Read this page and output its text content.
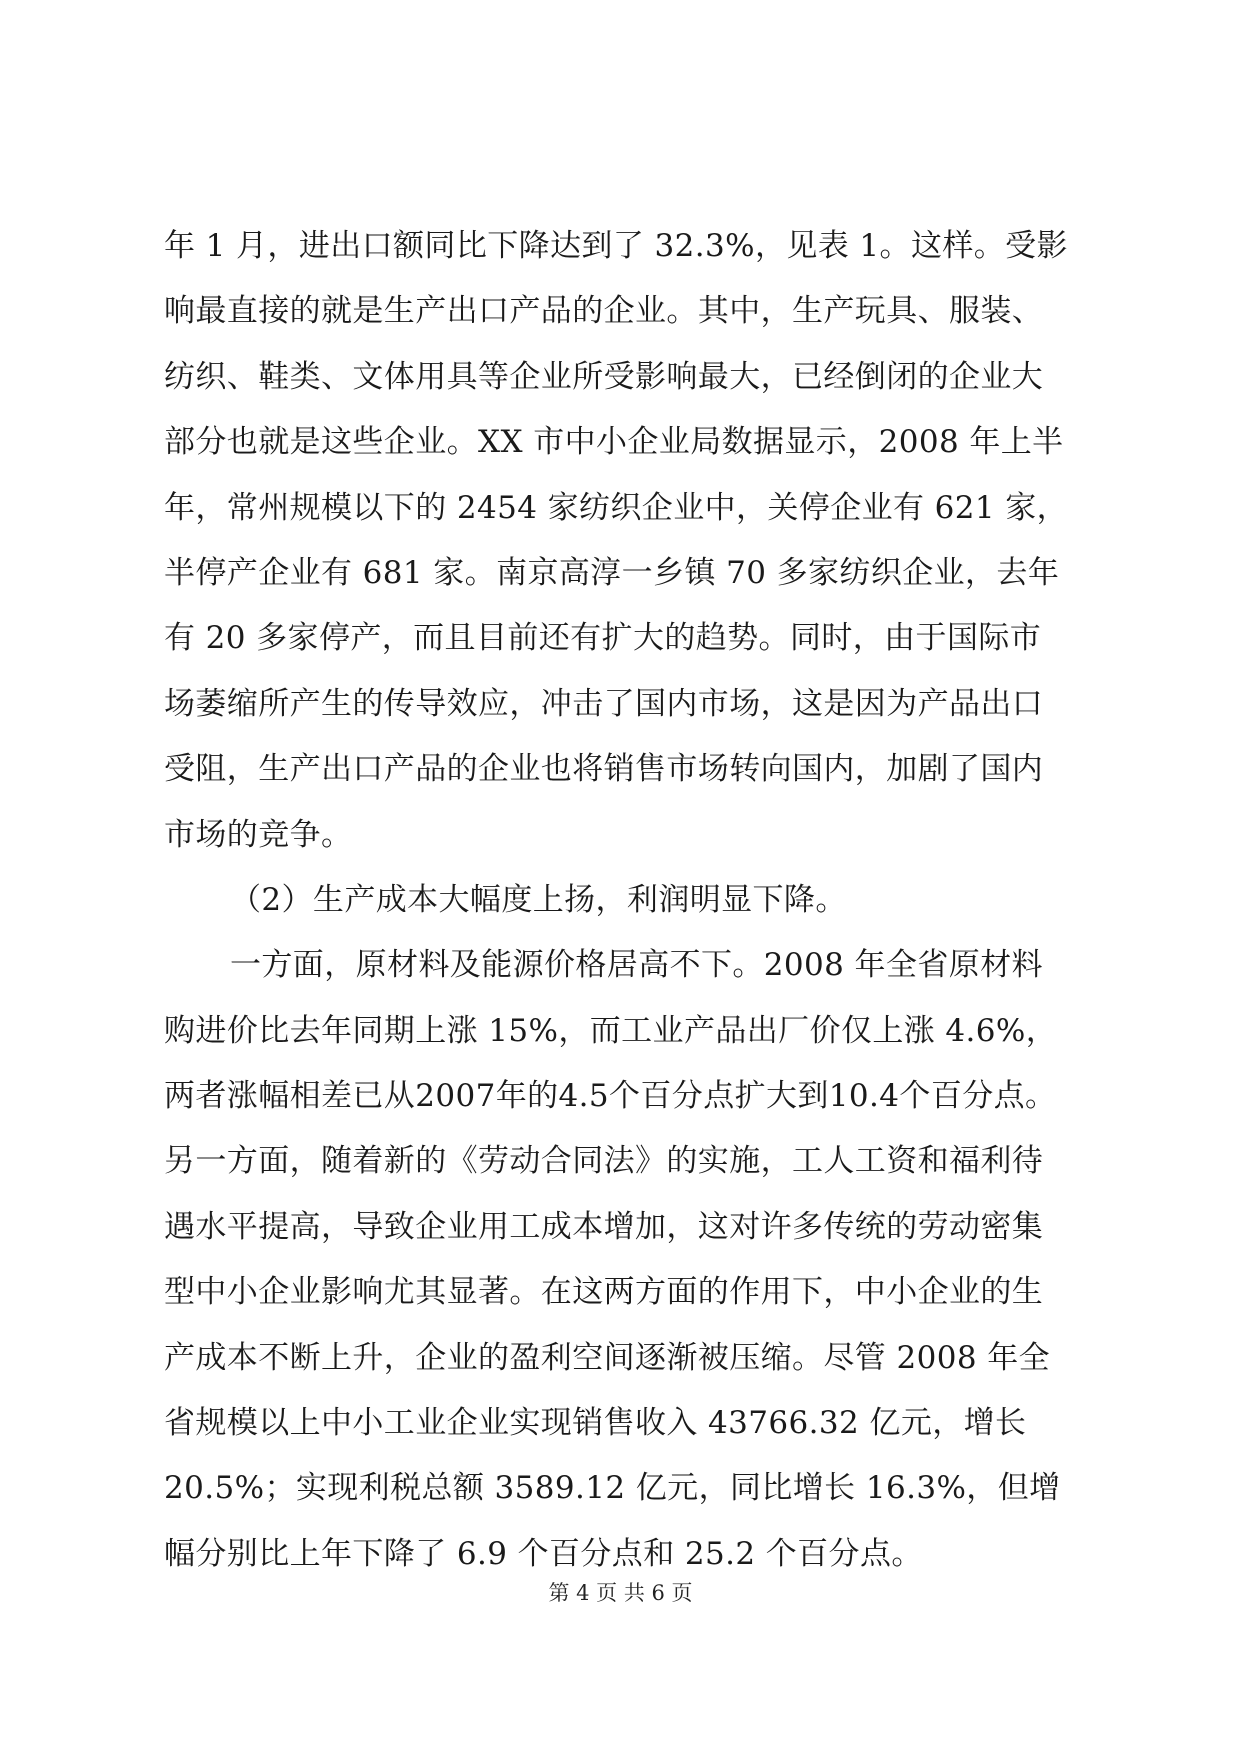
年 1 月，进出口额同比下降达到了 32.3%，见表 1。这样。受影
响最直接的就是生产出口产品的企业。其中，生产玩具、服装、
纺织、鞋类、文体用具等企业所受影响最大，已经倒闭的企业大
部分也就是这些企业。XX 市中小企业局数据显示，2008 年上半
年，常州规模以下的 2454 家纺织企业中，关停企业有 621 家，
半停产企业有 681 家。南京高淳一乡镇 70 多家纺织企业，去年
有 20 多家停产，而且目前还有扩大的趋势。同时，由于国际市
场萎缩所产生的传导效应，冲击了国内市场，这是因为产品出口
受阻，生产出口产品的企业也将销售市场转向国内，加剧了国内
市场的竞争。
（2）生产成本大幅度上扬，利润明显下降。
一方面，原材料及能源价格居高不下。2008 年全省原材料
购进价比去年同期上涨 15%，而工业产品出厂价仅上涨 4.6%，
两者涨幅相差已从2007年的4.5个百分点扩大到10.4个百分点。
另一方面，随着新的《劳动合同法》的实施，工人工资和福利待
遇水平提高，导致企业用工成本增加，这对许多传统的劳动密集
型中小企业影响尤其显著。在这两方面的作用下，中小企业的生
产成本不断上升，企业的盈利空间逐渐被压缩。尽管 2008 年全
省规模以上中小工业企业实现销售收入 43766.32 亿元，增长
20.5%；实现利税总额 3589.12 亿元，同比增长 16.3%，但增
幅分别比上年下降了 6.9 个百分点和 25.2 个百分点。
第 4 页 共 6 页
